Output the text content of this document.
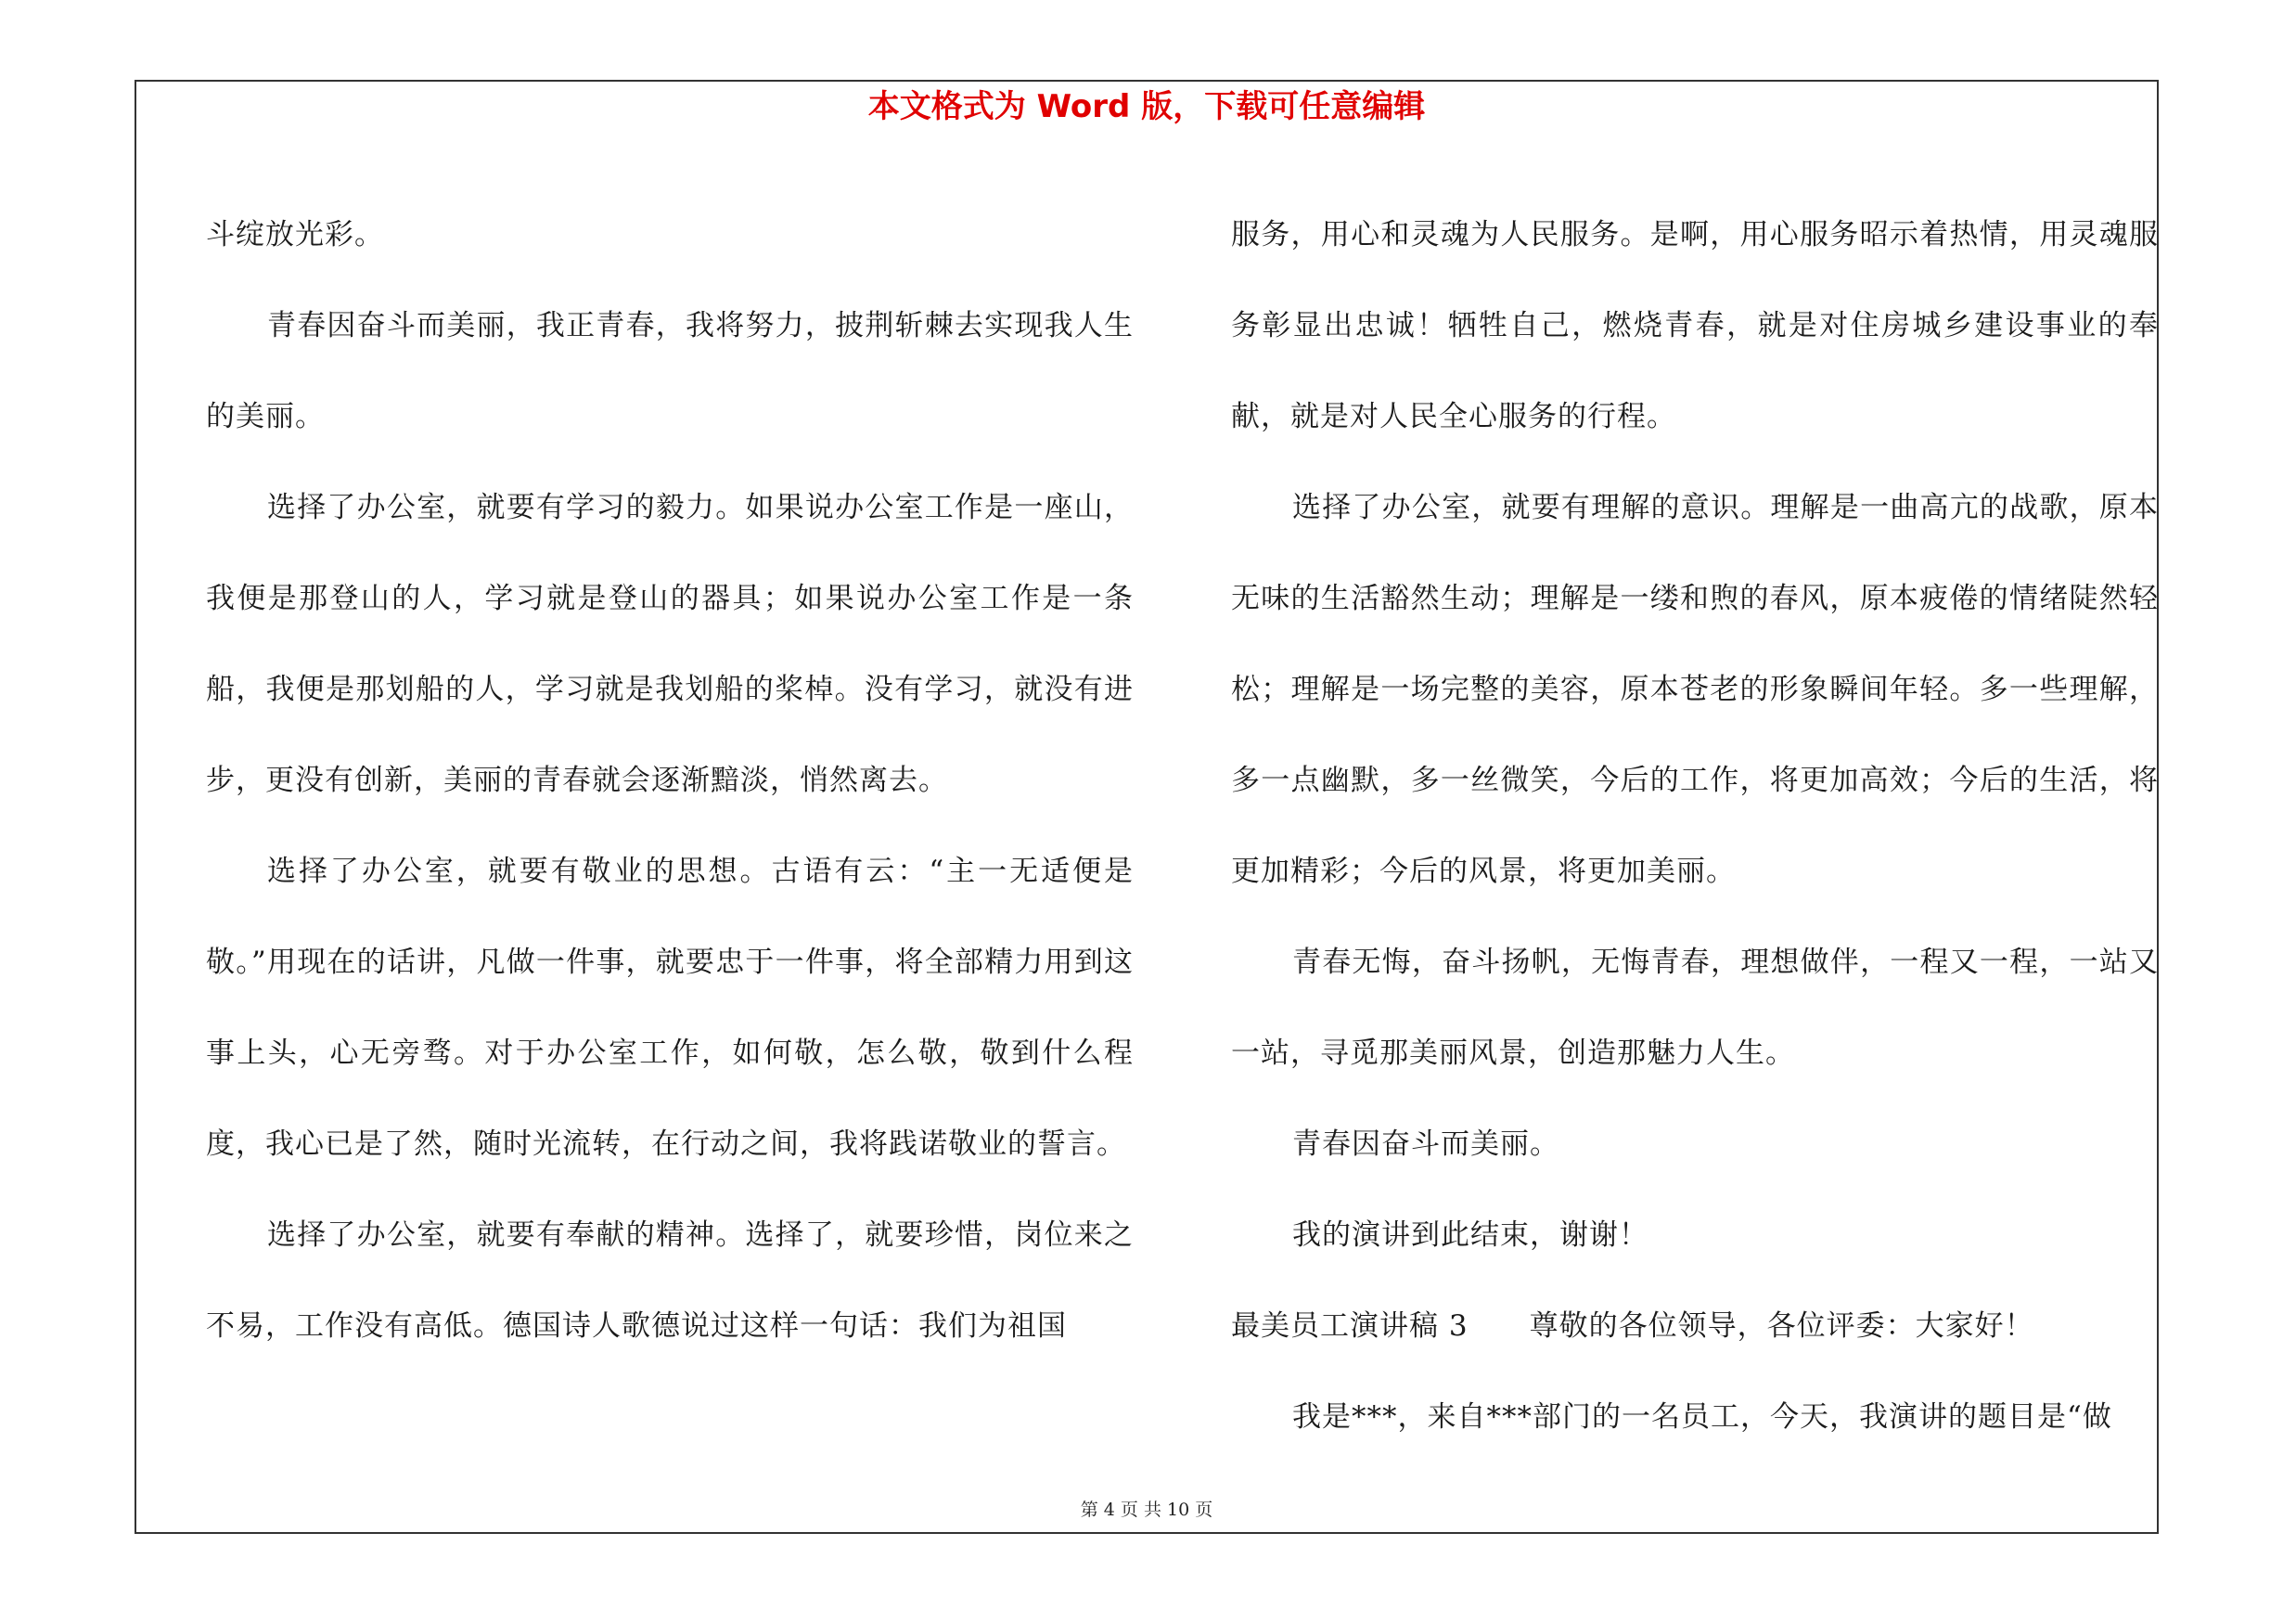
本文格式为 Word 版，下载可任意编辑

斗绽放光彩。

青春因奋斗而美丽，我正青春，我将努力，披荆斩棘去实现我人生的美丽。

选择了办公室，就要有学习的毅力。如果说办公室工作是一座山，我便是那登山的人，学习就是登山的器具；如果说办公室工作是一条船，我便是那划船的人，学习就是我划船的桨棹。没有学习，就没有进步，更没有创新，美丽的青春就会逐渐黯淡，悄然离去。

选择了办公室，就要有敬业的思想。古语有云：“主一无适便是敬。”用现在的话讲，凡做一件事，就要忠于一件事，将全部精力用到这事上头，心无旁骛。对于办公室工作，如何敬，怎么敬，敬到什么程度，我心已是了然，随时光流转，在行动之间，我将践诺敬业的誓言。

选择了办公室，就要有奉献的精神。选择了，就要珍惜，岗位来之不易，工作没有高低。德国诗人歌德说过这样一句话：我们为祖国

服务，用心和灵魂为人民服务。是啊，用心服务昭示着热情，用灵魂服务彰显出忠诚！牺牲自己，燃烧青春，就是对住房城乡建设事业的奉献，就是对人民全心服务的行程。

选择了办公室，就要有理解的意识。理解是一曲高亢的战歌，原本无味的生活豁然生动；理解是一缕和煦的春风，原本疲倦的情绪陡然轻松；理解是一场完整的美容，原本苍老的形象瞬间年轻。多一些理解，多一点幽默，多一丝微笑，今后的工作，将更加高效；今后的生活，将更加精彩；今后的风景，将更加美丽。

青春无悔，奋斗扬帆，无悔青春，理想做伴，一程又一程，一站又一站，寻觅那美丽风景，创造那魅力人生。

青春因奋斗而美丽。

我的演讲到此结束，谢谢！

最美员工演讲稿 3 尊敬的各位领导，各位评委：大家好！

我是***，来自***部门的一名员工，今天，我演讲的题目是“做

第 4 页 共 10 页
